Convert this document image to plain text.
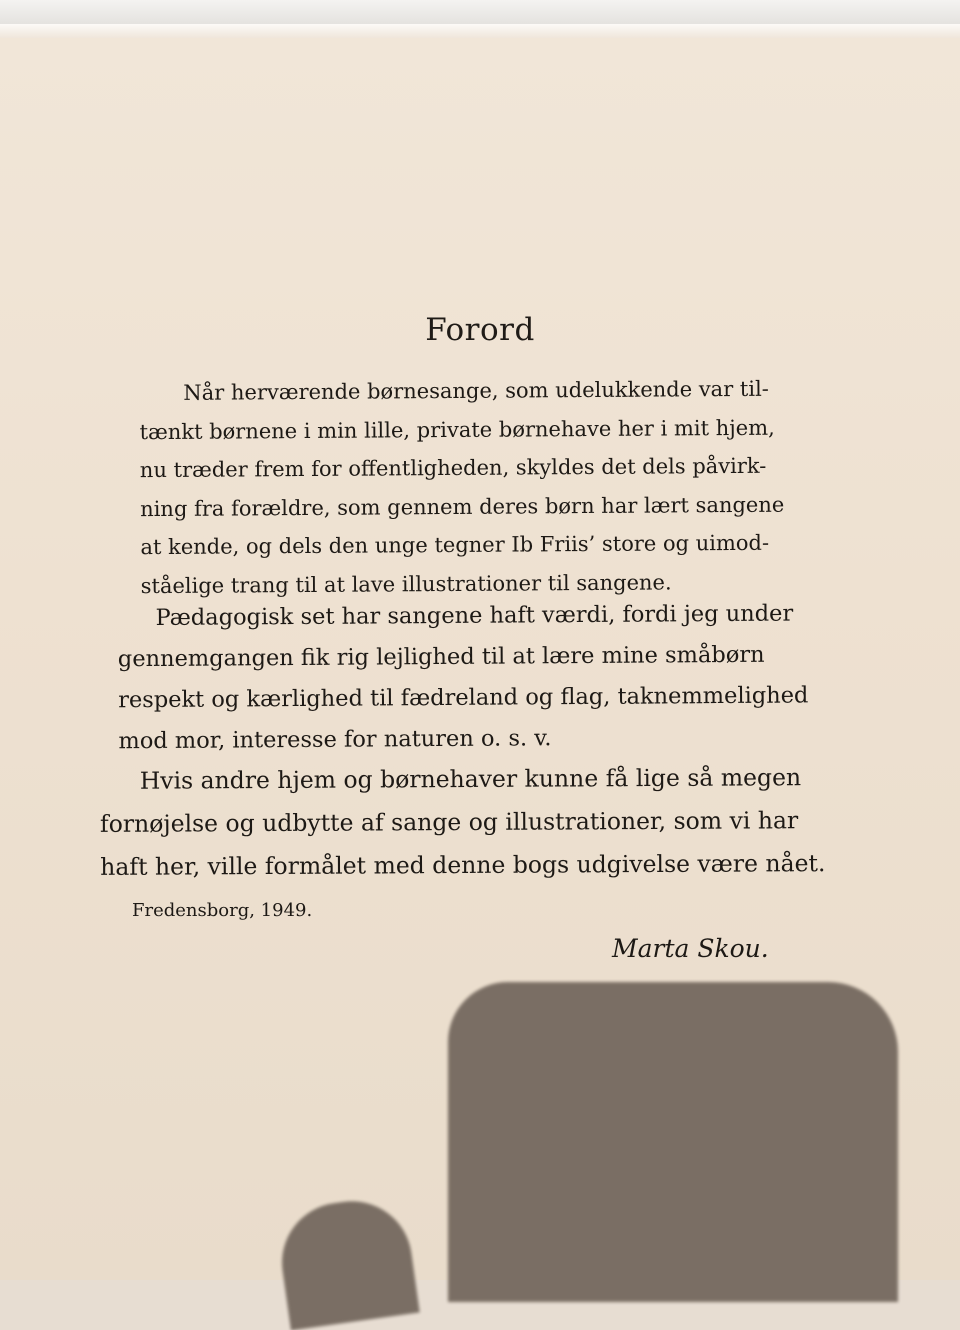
Forord

Når herværende børnesange, som udelukkende var til-
tænkt børnene i min lille, private børnehave her i mit hjem,
nu træder frem for offentligheden, skyldes det dels påvirk-
ning fra forældre, som gennem deres børn har lært sangene
at kende, og dels den unge tegner Ib Friis’ store og uimod-
ståelige trang til at lave illustrationer til sangene.

Pædagogisk set har sangene haft værdi, fordi jeg under
gennemgangen fik rig lejlighed til at lære mine småbørn
respekt og kærlighed til fædreland og flag, taknemmelighed
mod mor, interesse for naturen o. s. v.

Hvis andre hjem og børnehaver kunne få lige så megen
fornøjelse og udbytte af sange og illustrationer, som vi har
haft her, ville formålet med denne bogs udgivelse være nået.

Fredensborg, 1949.
Marta Skou.
